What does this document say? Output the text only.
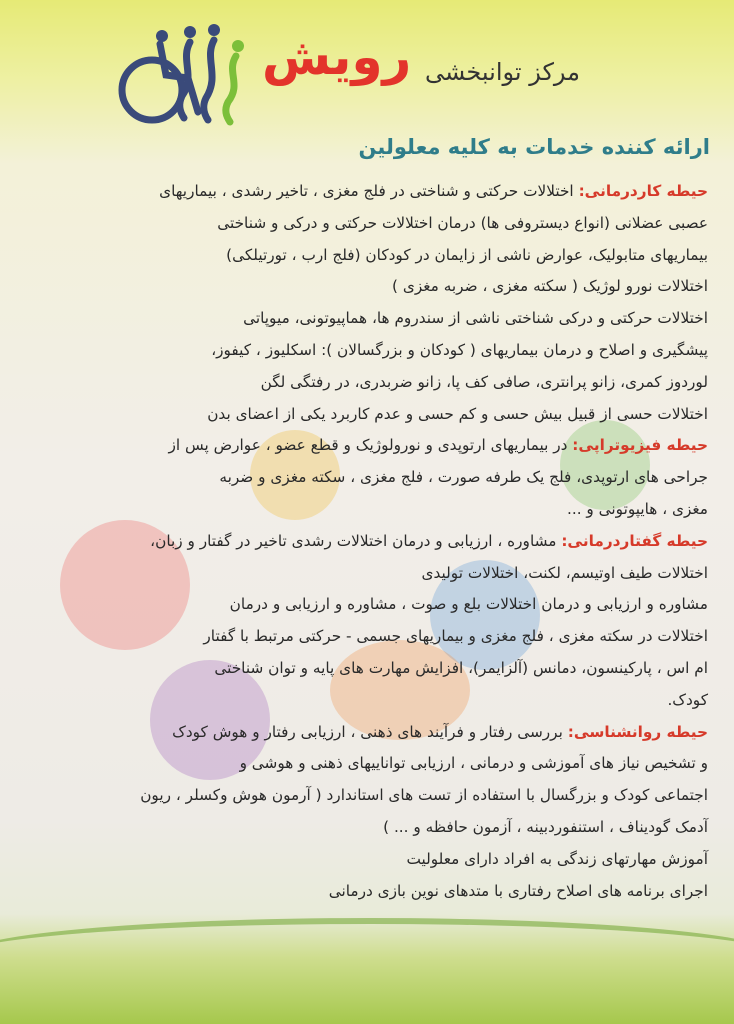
رویش مرکز توانبخشی
ارائه کننده خدمات به کلیه معلولین
حیطه کاردرمانی: اختلالات حرکتی و شناختی در فلج مغزی ، تاخیر رشدی ، بیماریهای
عصبی عضلانی (انواع دیستروفی ها) درمان اختلالات حرکتی و درکی و شناختی
بیماریهای متابولیک، عوارض ناشی از زایمان در کودکان (فلج ارب ، تورتیلکی)
اختلالات نورو لوژیک ( سکته مغزی ، ضربه مغزی )
اختلالات حرکتی و درکی شناختی ناشی از سندروم ها، هماپیوتونی، میوپاتی
پیشگیری و اصلاح و درمان بیماریهای ( کودکان و بزرگسالان ): اسکلیوز ، کیفوز،
لوردوز کمری، زانو پرانتری، صافی کف پا، زانو ضربدری، در رفتگی لگن
اختلالات حسی از قبیل بیش حسی و کم حسی و عدم کاربرد یکی از اعضای بدن
حیطه فیزیوتراپی: در بیماریهای ارتوپدی و نورولوژیک و قطع عضو ، عوارض پس از
جراحی های ارتوپدی، فلج یک طرفه صورت ، فلج مغزی ، سکته مغزی و ضربه
مغزی ، هایپوتونی و ...
حیطه گفتاردرمانی: مشاوره ، ارزیابی و درمان اختلالات رشدی تاخیر در گفتار و زبان،
اختلالات طیف اوتیسم، لکنت، اختلالات تولیدی
مشاوره و ارزیابی و درمان اختلالات بلع و صوت ، مشاوره و ارزیابی و درمان
اختلالات در سکته مغزی ، فلج مغزی و بیماریهای جسمی - حرکتی مرتبط با گفتار
ام اس ، پارکینسون، دمانس (آلزایمر)، افزایش مهارت های پایه و توان شناختی
کودک.
حیطه روانشناسی: بررسی رفتار و فرآیند های ذهنی ، ارزیابی رفتار و هوش کودک
و تشخیص نیاز های آموزشی و درمانی ، ارزیابی تواناییهای ذهنی و هوشی و
اجتماعی کودک و بزرگسال با استفاده از تست های استاندارد ( آرمون هوش وکسلر ، ریون
آدمک گودیناف ، استنفوردبینه ، آزمون حافظه و ... )
آموزش مهارتهای زندگی به افراد دارای معلولیت
اجرای برنامه های اصلاح رفتاری با متدهای نوین بازی درمانی
